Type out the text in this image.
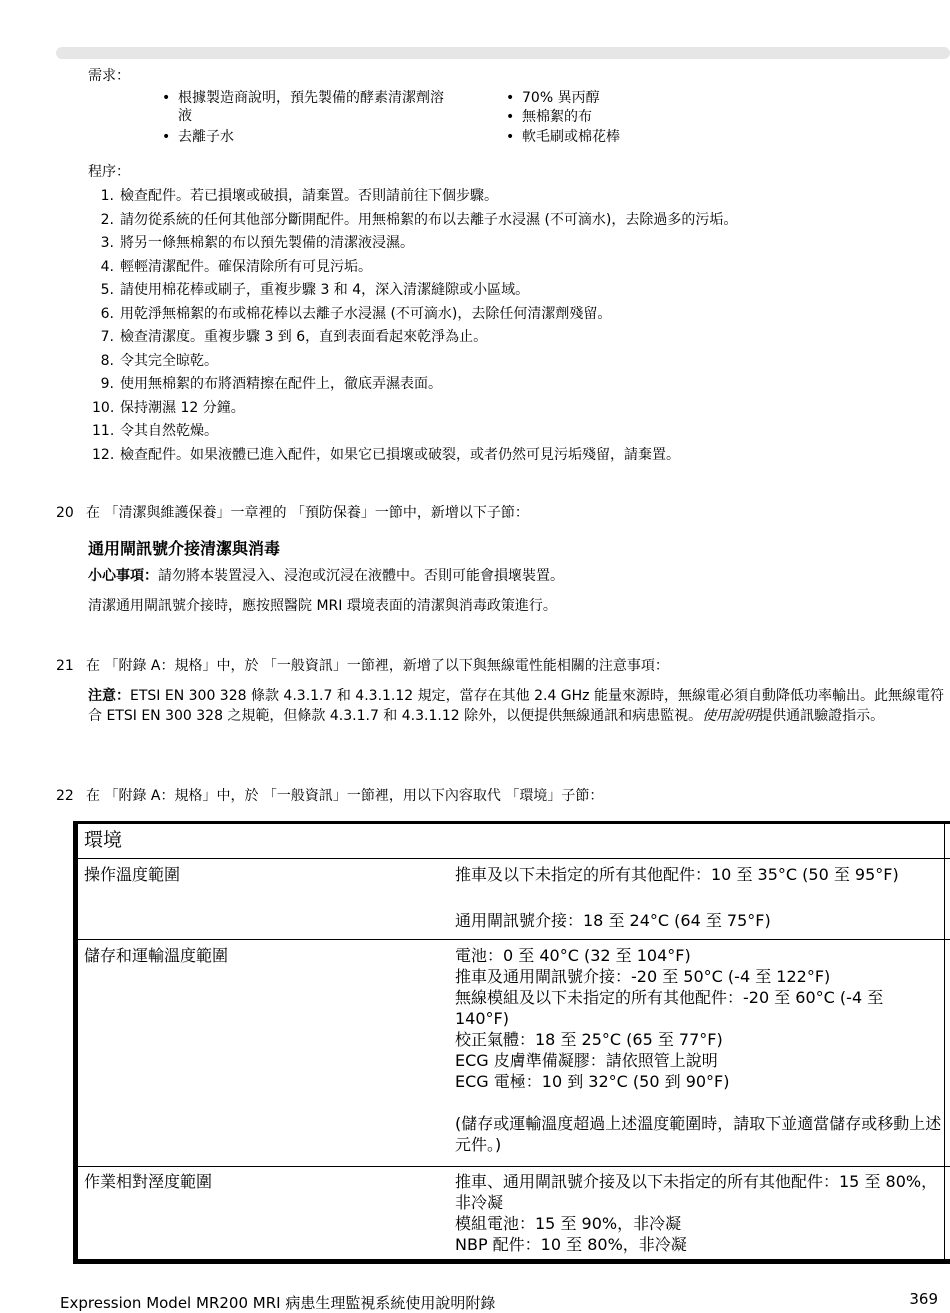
需求：
• 根據製造商說明，預先製備的酵素清潔劑溶
液
• 去離子水
• 70% 異丙醇
• 無棉絮的布
• 軟毛刷或棉花棒
程序：
1. 檢查配件。若已損壞或破損，請棄置。否則請前往下個步驟。
2. 請勿從系統的任何其他部分斷開配件。用無棉絮的布以去離子水浸濕 (不可滴水)，去除過多的污垢。
3. 將另一條無棉絮的布以預先製備的清潔液浸濕。
4. 輕輕清潔配件。確保清除所有可見污垢。
5. 請使用棉花棒或刷子，重複步驟 3 和 4，深入清潔縫隙或小區域。
6. 用乾淨無棉絮的布或棉花棒以去離子水浸濕 (不可滴水)，去除任何清潔劑殘留。
7. 檢查清潔度。重複步驟 3 到 6，直到表面看起來乾淨為止。
8. 令其完全晾乾。
9. 使用無棉絮的布將酒精擦在配件上，徹底弄濕表面。
10. 保持潮濕 12 分鐘。
11. 令其自然乾燥。
12. 檢查配件。如果液體已進入配件，如果它已損壞或破裂，或者仍然可見污垢殘留，請棄置。
20 在 「清潔與維護保養」一章裡的 「預防保養」一節中，新增以下子節：
通用閘訊號介接清潔與消毒
小心事項：請勿將本裝置浸入、浸泡或沉浸在液體中。否則可能會損壞裝置。
清潔通用閘訊號介接時，應按照醫院 MRI 環境表面的清潔與消毒政策進行。
21 在 「附錄 A：規格」中，於 「一般資訊」一節裡，新增了以下與無線電性能相關的注意事項：
注意：ETSI EN 300 328 條款 4.3.1.7 和 4.3.1.12 規定，當存在其他 2.4 GHz 能量來源時，無線電必須自動降低功率輸出。此無線電符合 ETSI EN 300 328 之規範，但條款 4.3.1.7 和 4.3.1.12 除外，以便提供無線通訊和病患監視。使用說明提供通訊驗證指示。
22 在 「附錄 A：規格」中，於 「一般資訊」一節裡，用以下內容取代 「環境」子節：
環境
操作溫度範圍	推車及以下未指定的所有其他配件：10 至 35°C (50 至 95°F)
通用閘訊號介接：18 至 24°C (64 至 75°F)
儲存和運輸溫度範圍	電池：0 至 40°C (32 至 104°F)
推車及通用閘訊號介接：-20 至 50°C (-4 至 122°F)
無線模組及以下未指定的所有其他配件：-20 至 60°C (-4 至 140°F)
校正氣體：18 至 25°C (65 至 77°F)
ECG 皮膚準備凝膠：請依照管上說明
ECG 電極：10 到 32°C (50 到 90°F)
(儲存或運輸溫度超過上述溫度範圍時，請取下並適當儲存或移動上述元件。)
作業相對溼度範圍	推車、通用閘訊號介接及以下未指定的所有其他配件：15 至 80%，非冷凝
模組電池：15 至 90%，非冷凝
NBP 配件：10 至 80%，非冷凝
Expression Model MR200 MRI 病患生理監視系統使用說明附錄	369
